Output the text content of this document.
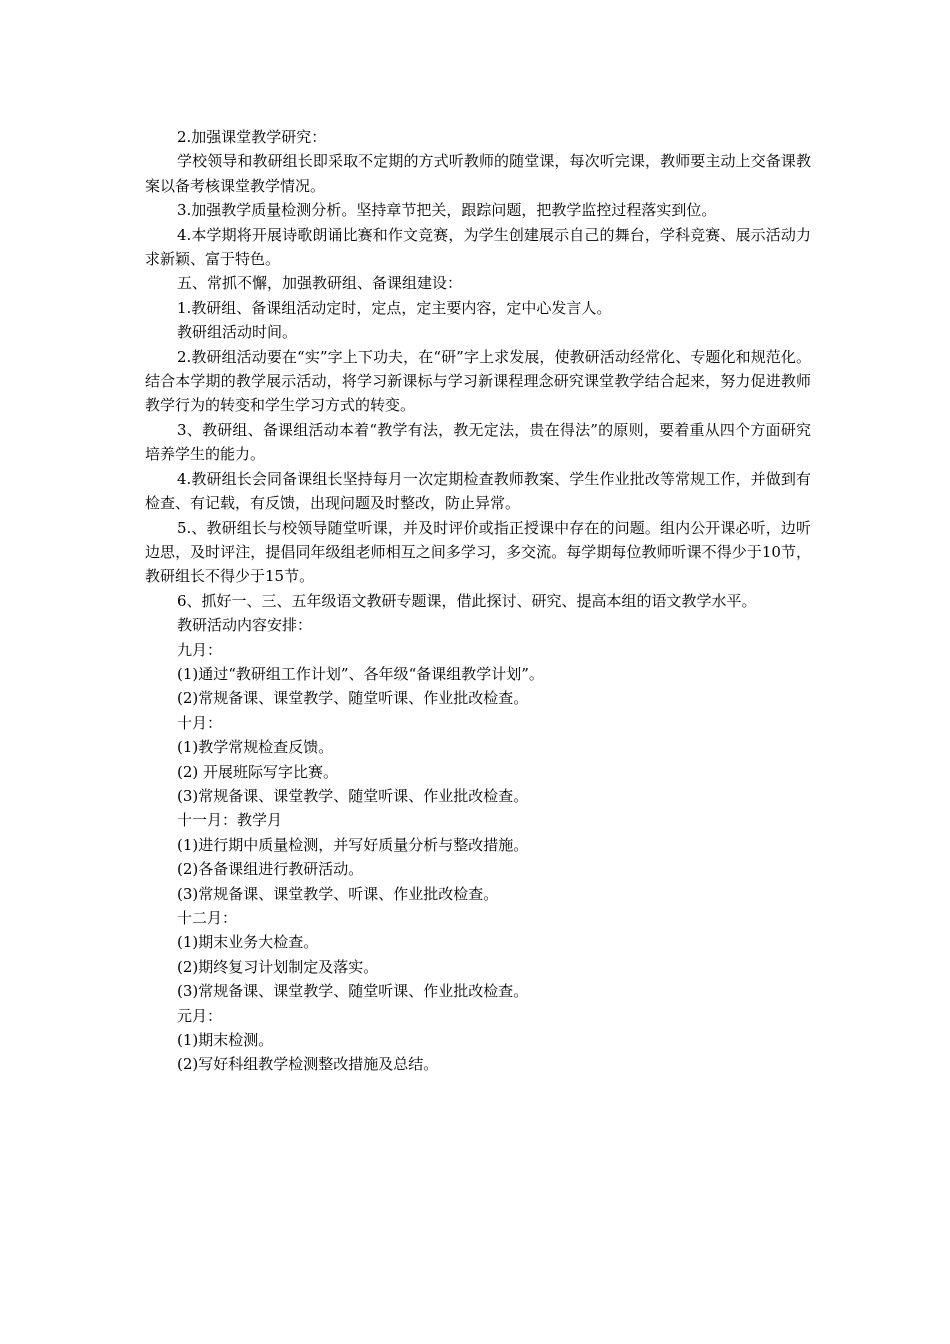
2.加强课堂教学研究：

学校领导和教研组长即采取不定期的方式听教师的随堂课，每次听完课，教师要主动上交备课教案以备考核课堂教学情况。

3.加强教学质量检测分析。坚持章节把关，跟踪问题，把教学监控过程落实到位。

4.本学期将开展诗歌朗诵比赛和作文竞赛，为学生创建展示自己的舞台，学科竞赛、展示活动力求新颖、富于特色。

五、常抓不懈，加强教研组、备课组建设：

1.教研组、备课组活动定时，定点，定主要内容，定中心发言人。

教研组活动时间。

2.教研组活动要在“实”字上下功夫，在“研”字上求发展，使教研活动经常化、专题化和规范化。结合本学期的教学展示活动，将学习新课标与学习新课程理念研究课堂教学结合起来，努力促进教师教学行为的转变和学生学习方式的转变。

3、教研组、备课组活动本着“教学有法，教无定法，贵在得法”的原则，要着重从四个方面研究培养学生的能力。

4.教研组长会同备课组长坚持每月一次定期检查教师教案、学生作业批改等常规工作，并做到有检查、有记载，有反馈，出现问题及时整改，防止异常。

5.、教研组长与校领导随堂听课，并及时评价或指正授课中存在的问题。组内公开课必听，边听边思，及时评注，提倡同年级组老师相互之间多学习，多交流。每学期每位教师听课不得少于10节，教研组长不得少于15节。

6、抓好一、三、五年级语文教研专题课，借此探讨、研究、提高本组的语文教学水平。

教研活动内容安排：

九月：

(1)通过“教研组工作计划”、各年级“备课组教学计划”。

(2)常规备课、课堂教学、随堂听课、作业批改检查。

十月：

(1)教学常规检查反馈。

(2) 开展班际写字比赛。

(3)常规备课、课堂教学、随堂听课、作业批改检查。

十一月：教学月

(1)进行期中质量检测，并写好质量分析与整改措施。

(2)各备课组进行教研活动。

(3)常规备课、课堂教学、听课、作业批改检查。

十二月：

(1)期末业务大检查。

(2)期终复习计划制定及落实。

(3)常规备课、课堂教学、随堂听课、作业批改检查。

元月：

(1)期末检测。

(2)写好科组教学检测整改措施及总结。
